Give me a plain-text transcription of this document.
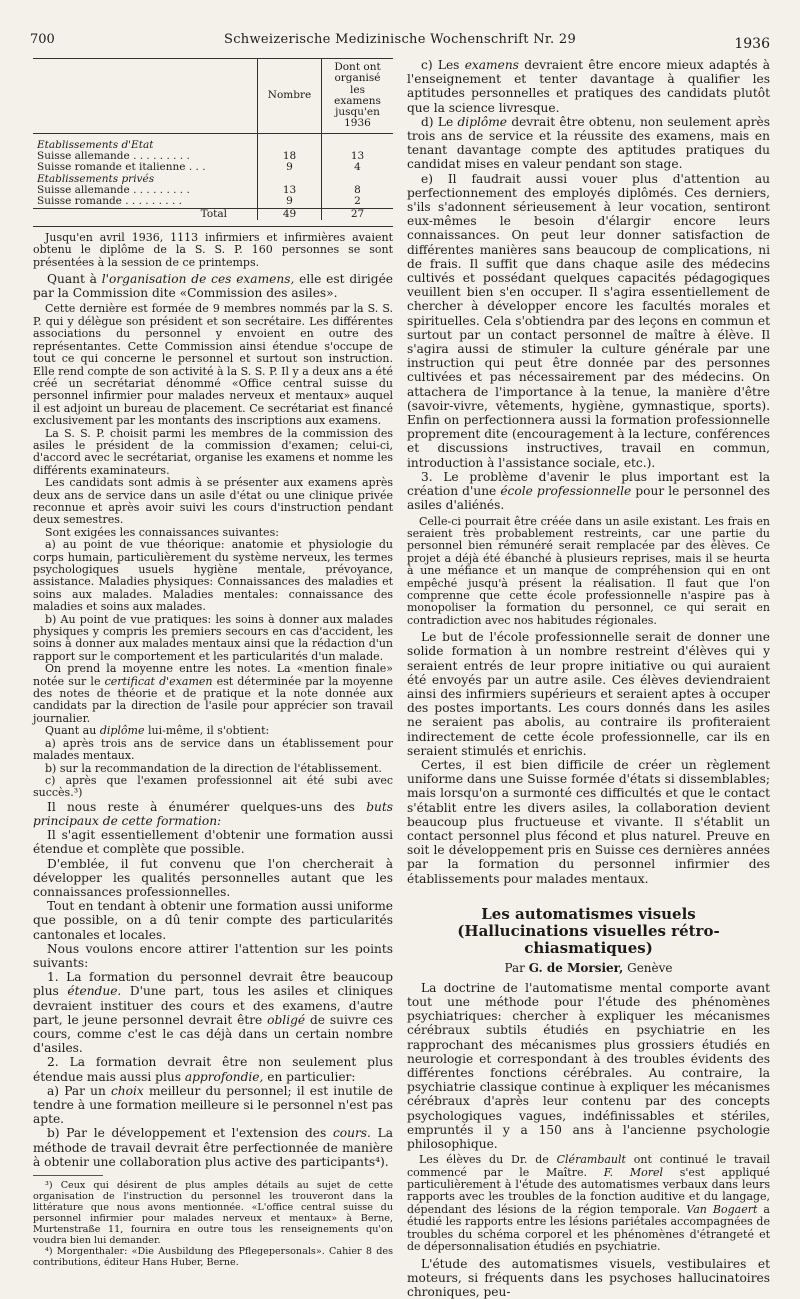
700	Schweizerische Medizinische Wochenschrift Nr. 29	1936
	Nombre	Dont ont organisé les examens jusqu'en 1936

Etablissements d'Etat		
Suisse allemande . . . . . . . . .	18	13
Suisse romande et italienne . . .	9	4
Etablissements privés		
Suisse allemande . . . . . . . . .	13	8
Suisse romande . . . . . . . . .	9	2
Total	49	27

Jusqu'en avril 1936, 1113 infirmiers et infirmières avaient obtenu le diplôme de la S. S. P. 160 personnes se sont présentées à la session de ce printemps.

Quant à l'organisation de ces examens, elle est dirigée par la Commission dite «Commission des asiles».

Cette dernière est formée de 9 membres nommés par la S. S. P. qui y délègue son président et son secrétaire. Les différentes associations du personnel y envoient en outre des représentantes. Cette Commission ainsi étendue s'occupe de tout ce qui concerne le personnel et surtout son instruction. Elle rend compte de son activité à la S. S. P. Il y a deux ans a été créé un secrétariat dénommé «Office central suisse du personnel infirmier pour malades nerveux et mentaux» auquel il est adjoint un bureau de placement. Ce secrétariat est financé exclusivement par les montants des inscriptions aux examens.

La S. S. P. choisit parmi les membres de la commission des asiles le président de la commission d'examen; celui-ci, d'accord avec le secrétariat, organise les examens et nomme les différents examinateurs.

Les candidats sont admis à se présenter aux examens après deux ans de service dans un asile d'état ou une clinique privée reconnue et après avoir suivi les cours d'instruction pendant deux semestres.

Sont exigées les connaissances suivantes:

a) au point de vue théorique: anatomie et physiologie du corps humain, particulièrement du système nerveux, les termes psychologiques usuels hygiène mentale, prévoyance, assistance. Maladies physiques: Connaissances des maladies et soins aux malades. Maladies mentales: connaissance des maladies et soins aux malades.

b) Au point de vue pratiques: les soins à donner aux malades physiques y compris les premiers secours en cas d'accident, les soins à donner aux malades mentaux ainsi que la rédaction d'un rapport sur le comportement et les particularités d'un malade.

On prend la moyenne entre les notes. La «mention finale» notée sur le certificat d'examen est déterminée par la moyenne des notes de théorie et de pratique et la note donnée aux candidats par la direction de l'asile pour apprécier son travail journalier.

Quant au diplôme lui-même, il s'obtient:

a) après trois ans de service dans un établissement pour malades mentaux.

b) sur la recommandation de la direction de l'établissement.

c) après que l'examen professionnel ait été subi avec succès.³)

Il nous reste à énumérer quelques-uns des buts principaux de cette formation:

Il s'agit essentiellement d'obtenir une formation aussi étendue et complète que possible.

D'emblée, il fut convenu que l'on chercherait à développer les qualités personnelles autant que les connaissances professionnelles.

Tout en tendant à obtenir une formation aussi uniforme que possible, on a dû tenir compte des particularités cantonales et locales.

Nous voulons encore attirer l'attention sur les points suivants:

1. La formation du personnel devrait être beaucoup plus étendue. D'une part, tous les asiles et cliniques devraient instituer des cours et des examens, d'autre part, le jeune personnel devrait être obligé de suivre ces cours, comme c'est le cas déjà dans un certain nombre d'asiles.

2. La formation devrait être non seulement plus étendue mais aussi plus approfondie, en particulier:

a) Par un choix meilleur du personnel; il est inutile de tendre à une formation meilleure si le personnel n'est pas apte.

b) Par le développement et l'extension des cours. La méthode de travail devrait être perfectionnée de manière à obtenir une collaboration plus active des participants⁴).

³) Ceux qui désirent de plus amples détails au sujet de cette organisation de l'instruction du personnel les trouveront dans la littérature que nous avons mentionnée. «L'office central suisse du personnel infirmier pour malades nerveux et mentaux» à Berne, Murtenstraße 11, fournira en outre tous les renseignements qu'on voudra bien lui demander.

⁴) Morgenthaler: «Die Ausbildung des Pflegepersonals». Cahier 8 des contributions, éditeur Hans Huber, Berne.

c) Les examens devraient être encore mieux adaptés à l'enseignement et tenter davantage à qualifier les aptitudes personnelles et pratiques des candidats plutôt que la science livresque.

d) Le diplôme devrait être obtenu, non seulement après trois ans de service et la réussite des examens, mais en tenant davantage compte des aptitudes pratiques du candidat mises en valeur pendant son stage.

e) Il faudrait aussi vouer plus d'attention au perfectionnement des employés diplômés. Ces derniers, s'ils s'adonnent sérieusement à leur vocation, sentiront eux-mêmes le besoin d'élargir encore leurs connaissances. On peut leur donner satisfaction de différentes manières sans beaucoup de complications, ni de frais. Il suffit que dans chaque asile des médecins cultivés et possédant quelques capacités pédagogiques veuillent bien s'en occuper. Il s'agira essentiellement de chercher à développer encore les facultés morales et spirituelles. Cela s'obtiendra par des leçons en commun et surtout par un contact personnel de maître à élève. Il s'agira aussi de stimuler la culture générale par une instruction qui peut être donnée par des personnes cultivées et pas nécessairement par des médecins. On attachera de l'importance à la tenue, la manière d'être (savoir-vivre, vêtements, hygiène, gymnastique, sports). Enfin on perfectionnera aussi la formation professionnelle proprement dite (encouragement à la lecture, conférences et discussions instructives, travail en commun, introduction à l'assistance sociale, etc.).

3. Le problème d'avenir le plus important est la création d'une école professionnelle pour le personnel des asiles d'aliénés.

Celle-ci pourrait être créée dans un asile existant. Les frais en seraient très probablement restreints, car une partie du personnel bien rémunéré serait remplacée par des élèves. Ce projet a déjà été ébanché à plusieurs reprises, mais il se heurta à une méfiance et un manque de compréhension qui en ont empêché jusqu'à présent la réalisation. Il faut que l'on comprenne que cette école professionnelle n'aspire pas à monopoliser la formation du personnel, ce qui serait en contradiction avec nos habitudes régionales.

Le but de l'école professionnelle serait de donner une solide formation à un nombre restreint d'élèves qui y seraient entrés de leur propre initiative ou qui auraient été envoyés par un autre asile. Ces élèves deviendraient ainsi des infirmiers supérieurs et seraient aptes à occuper des postes importants. Les cours donnés dans les asiles ne seraient pas abolis, au contraire ils profiteraient indirectement de cette école professionnelle, car ils en seraient stimulés et enrichis.

Certes, il est bien difficile de créer un règlement uniforme dans une Suisse formée d'états si dissemblables; mais lorsqu'on a surmonté ces difficultés et que le contact s'établit entre les divers asiles, la collaboration devient beaucoup plus fructueuse et vivante. Il s'établit un contact personnel plus fécond et plus naturel. Preuve en soit le développement pris en Suisse ces dernières années par la formation du personnel infirmier des établissements pour malades mentaux.

Les automatismes visuels
(Hallucinations visuelles rétro-chiasmatiques)
Par G. de Morsier, Genève

La doctrine de l'automatisme mental comporte avant tout une méthode pour l'étude des phénomènes psychiatriques: chercher à expliquer les mécanismes cérébraux subtils étudiés en psychiatrie en les rapprochant des mécanismes plus grossiers étudiés en neurologie et correspondant à des troubles évidents des différentes fonctions cérébrales. Au contraire, la psychiatrie classique continue à expliquer les mécanismes cérébraux d'après leur contenu par des concepts psychologiques vagues, indéfinissables et stériles, empruntés il y a 150 ans à l'ancienne psychologie philosophique.

Les élèves du Dr. de Clérambault ont continué le travail commencé par le Maître. F. Morel s'est appliqué particulièrement à l'étude des automatismes verbaux dans leurs rapports avec les troubles de la fonction auditive et du langage, dépendant des lésions de la région temporale. Van Bogaert a étudié les rapports entre les lésions pariétales accompagnées de troubles du schéma corporel et les phénomènes d'étrangeté et de dépersonnalisation étudiés en psychiatrie.

L'étude des automatismes visuels, vestibulaires et moteurs, si fréquents dans les psychoses hallucinatoires chroniques, peu-
